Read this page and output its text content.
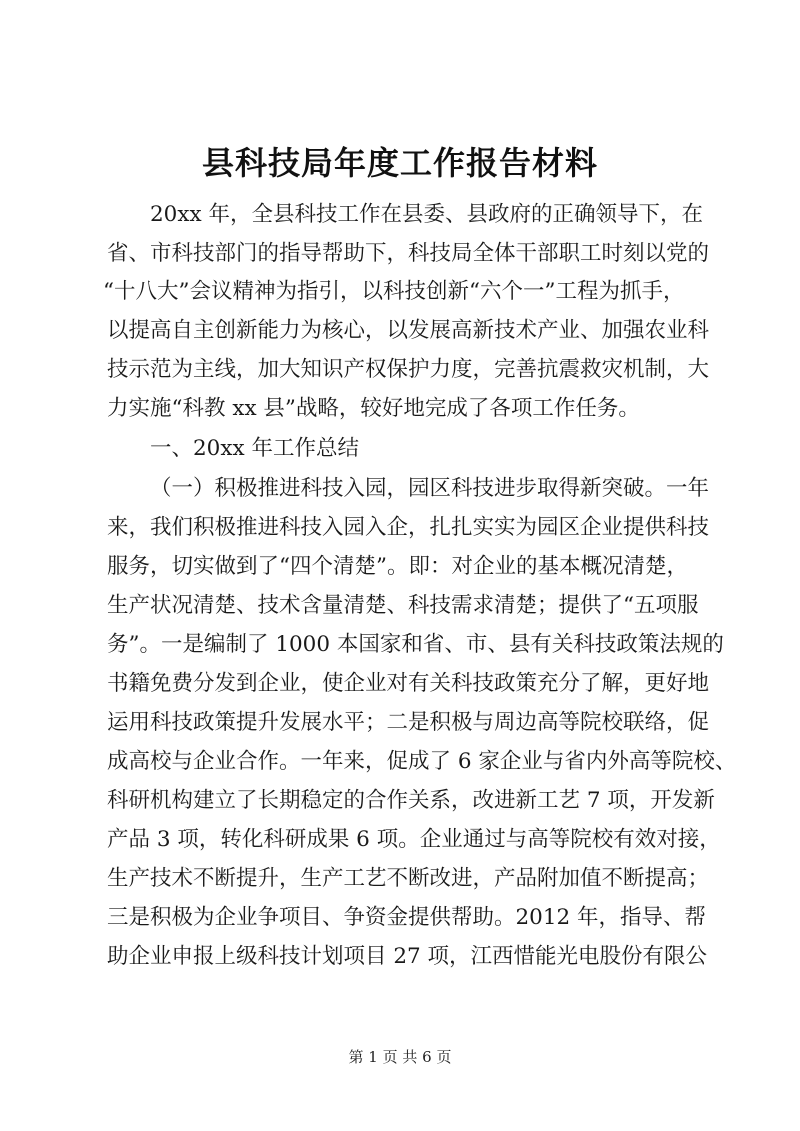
县科技局年度工作报告材料
20xx 年，全县科技工作在县委、县政府的正确领导下，在
省、市科技部门的指导帮助下，科技局全体干部职工时刻以党的
“十八大”会议精神为指引，以科技创新“六个一”工程为抓手，
以提高自主创新能力为核心，以发展高新技术产业、加强农业科
技示范为主线，加大知识产权保护力度，完善抗震救灾机制，大
力实施“科教 xx 县”战略，较好地完成了各项工作任务。
一、20xx 年工作总结
（一）积极推进科技入园，园区科技进步取得新突破。一年
来，我们积极推进科技入园入企，扎扎实实为园区企业提供科技
服务，切实做到了“四个清楚”。即：对企业的基本概况清楚，
生产状况清楚、技术含量清楚、科技需求清楚；提供了“五项服
务”。一是编制了 1000 本国家和省、市、县有关科技政策法规的
书籍免费分发到企业，使企业对有关科技政策充分了解，更好地
运用科技政策提升发展水平；二是积极与周边高等院校联络，促
成高校与企业合作。一年来，促成了 6 家企业与省内外高等院校、
科研机构建立了长期稳定的合作关系，改进新工艺 7 项，开发新
产品 3 项，转化科研成果 6 项。企业通过与高等院校有效对接，
生产技术不断提升，生产工艺不断改进，产品附加值不断提高；
三是积极为企业争项目、争资金提供帮助。2012 年，指导、帮
助企业申报上级科技计划项目 27 项，江西惜能光电股份有限公
第 1 页 共 6 页
